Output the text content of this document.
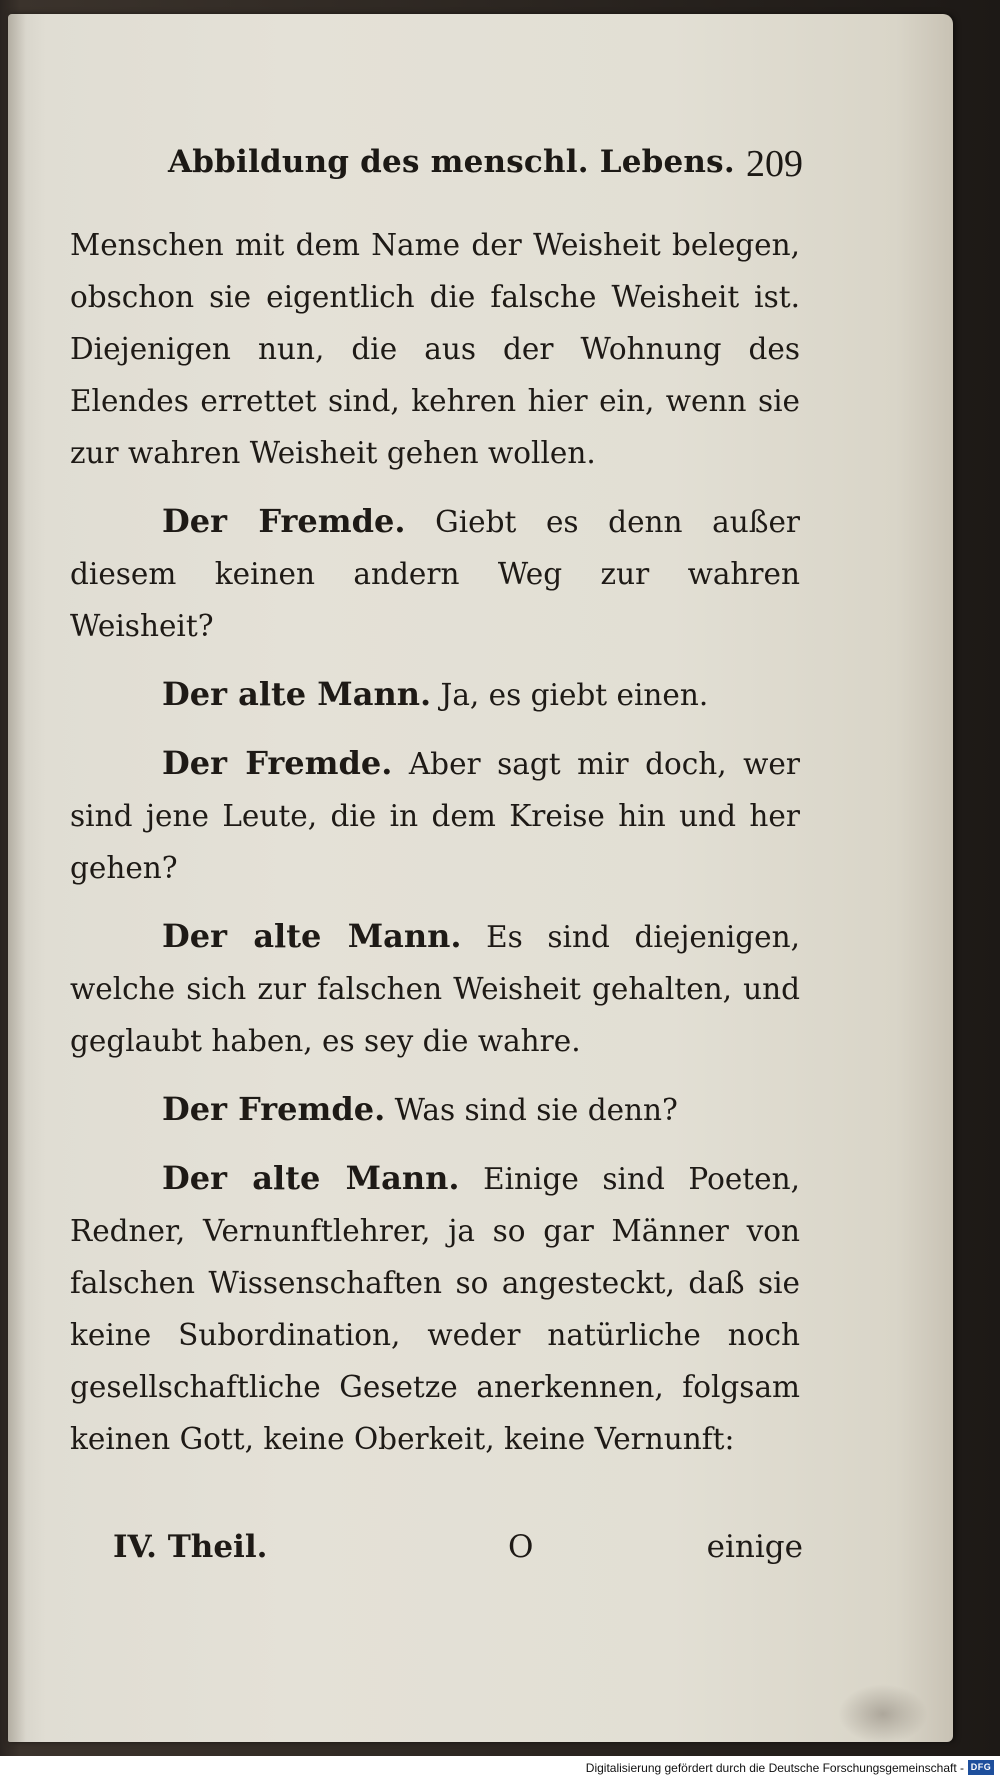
Abbildung des menschl. Lebens. 209

Menschen mit dem Name der Weisheit belegen, obschon sie eigentlich die falsche Weisheit ist. Diejenigen nun, die aus der Wohnung des Elendes errettet sind, kehren hier ein, wenn sie zur wahren Weisheit gehen wollen.

Der Fremde. Giebt es denn außer diesem keinen andern Weg zur wahren Weisheit?

Der alte Mann. Ja, es giebt einen.

Der Fremde. Aber sagt mir doch, wer sind jene Leute, die in dem Kreise hin und her gehen?

Der alte Mann. Es sind diejenigen, welche sich zur falschen Weisheit gehalten, und geglaubt haben, es sey die wahre.

Der Fremde. Was sind sie denn?

Der alte Mann. Einige sind Poeten, Redner, Vernunftlehrer, ja so gar Männer von falschen Wissenschaften so angesteckt, daß sie keine Subordination, weder natürliche noch gesellschaftliche Gesetze anerkennen, folgsam keinen Gott, keine Oberkeit, keine Vernunft:

IV. Theil.	O	einige
Digitalisierung gefördert durch die Deutsche Forschungsgemeinschaft - DFG
